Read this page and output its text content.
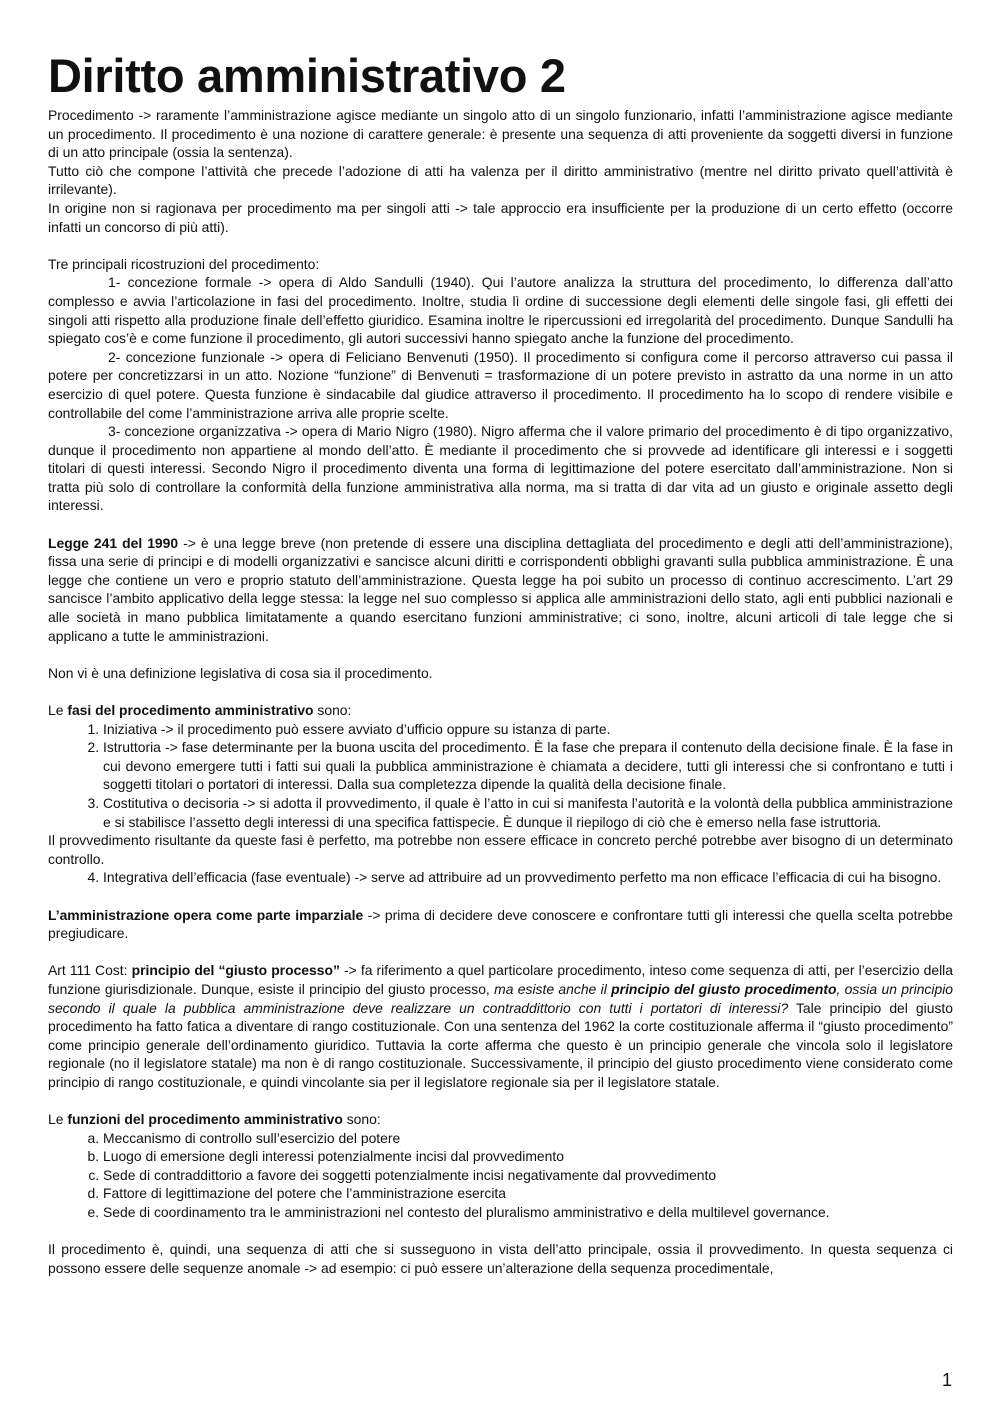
Diritto amministrativo 2

Procedimento -> raramente l’amministrazione agisce mediante un singolo atto di un singolo funzionario, infatti l’amministrazione agisce mediante un procedimento. Il procedimento è una nozione di carattere generale: è presente una sequenza di atti proveniente da soggetti diversi in funzione di un atto principale (ossia la sentenza).

Tutto ciò che compone l’attività che precede l’adozione di atti ha valenza per il diritto amministrativo (mentre nel diritto privato quell’attività è irrilevante).

In origine non si ragionava per procedimento ma per singoli atti -> tale approccio era insufficiente per la produzione di un certo effetto (occorre infatti un concorso di più atti).

Tre principali ricostruzioni del procedimento:

1- concezione formale -> opera di Aldo Sandulli (1940). Qui l’autore analizza la struttura del procedimento, lo differenza dall’atto complesso e avvia l’articolazione in fasi del procedimento. Inoltre, studia lì ordine di successione degli elementi delle singole fasi, gli effetti dei singoli atti rispetto alla produzione finale dell’effetto giuridico. Esamina inoltre le ripercussioni ed irregolarità del procedimento. Dunque Sandulli ha spiegato cos’è e come funzione il procedimento, gli autori successivi hanno spiegato anche la funzione del procedimento.

2- concezione funzionale -> opera di Feliciano Benvenuti (1950). Il procedimento si configura come il percorso attraverso cui passa il potere per concretizzarsi in un atto. Nozione “funzione” di Benvenuti = trasformazione di un potere previsto in astratto da una norme in un atto esercizio di quel potere. Questa funzione è sindacabile dal giudice attraverso il procedimento. Il procedimento ha lo scopo di rendere visibile e controllabile del come l’amministrazione arriva alle proprie scelte.

3- concezione organizzativa -> opera di Mario Nigro (1980). Nigro afferma che il valore primario del procedimento è di tipo organizzativo, dunque il procedimento non appartiene al mondo dell’atto. È mediante il procedimento che si provvede ad identificare gli interessi e i soggetti titolari di questi interessi. Secondo Nigro il procedimento diventa una forma di legittimazione del potere esercitato dall’amministrazione. Non si tratta più solo di controllare la conformità della funzione amministrativa alla norma, ma si tratta di dar vita ad un giusto e originale assetto degli interessi.

Legge 241 del 1990 -> è una legge breve (non pretende di essere una disciplina dettagliata del procedimento e degli atti dell’amministrazione), fissa una serie di principi e di modelli organizzativi e sancisce alcuni diritti e corrispondenti obblighi gravanti sulla pubblica amministrazione. È una legge che contiene un vero e proprio statuto dell’amministrazione. Questa legge ha poi subito un processo di continuo accrescimento. L’art 29 sancisce l’ambito applicativo della legge stessa: la legge nel suo complesso si applica alle amministrazioni dello stato, agli enti pubblici nazionali e alle società in mano pubblica limitatamente a quando esercitano funzioni amministrative; ci sono, inoltre, alcuni articoli di tale legge che si applicano a tutte le amministrazioni.

Non vi è una definizione legislativa di cosa sia il procedimento.

Le fasi del procedimento amministrativo sono:

1. Iniziativa -> il procedimento può essere avviato d’ufficio oppure su istanza di parte.
2. Istruttoria -> fase determinante per la buona uscita del procedimento. È la fase che prepara il contenuto della decisione finale. È la fase in cui devono emergere tutti i fatti sui quali la pubblica amministrazione è chiamata a decidere, tutti gli interessi che si confrontano e tutti i soggetti titolari o portatori di interessi. Dalla sua completezza dipende la qualità della decisione finale.
3. Costitutiva o decisoria -> si adotta il provvedimento, il quale è l’atto in cui si manifesta l’autorità e la volontà della pubblica amministrazione e si stabilisce l’assetto degli interessi di una specifica fattispecie. È dunque il riepilogo di ciò che è emerso nella fase istruttoria.

Il provvedimento risultante da queste fasi è perfetto, ma potrebbe non essere efficace in concreto perché potrebbe aver bisogno di un determinato controllo.

4. Integrativa dell’efficacia (fase eventuale) -> serve ad attribuire ad un provvedimento perfetto ma non efficace l’efficacia di cui ha bisogno.

L’amministrazione opera come parte imparziale -> prima di decidere deve conoscere e confrontare tutti gli interessi che quella scelta potrebbe pregiudicare.

Art 111 Cost: principio del “giusto processo” -> fa riferimento a quel particolare procedimento, inteso come sequenza di atti, per l’esercizio della funzione giurisdizionale. Dunque, esiste il principio del giusto processo, ma esiste anche il principio del giusto procedimento, ossia un principio secondo il quale la pubblica amministrazione deve realizzare un contraddittorio con tutti i portatori di interessi? Tale principio del giusto procedimento ha fatto fatica a diventare di rango costituzionale. Con una sentenza del 1962 la corte costituzionale afferma il “giusto procedimento” come principio generale dell’ordinamento giuridico. Tuttavia la corte afferma che questo è un principio generale che vincola solo il legislatore regionale (no il legislatore statale) ma non è di rango costituzionale. Successivamente, il principio del giusto procedimento viene considerato come principio di rango costituzionale, e quindi vincolante sia per il legislatore regionale sia per il legislatore statale.

Le funzioni del procedimento amministrativo sono:

a. Meccanismo di controllo sull’esercizio del potere
b. Luogo di emersione degli interessi potenzialmente incisi dal provvedimento
c. Sede di contraddittorio a favore dei soggetti potenzialmente incisi negativamente dal provvedimento
d. Fattore di legittimazione del potere che l’amministrazione esercita
e. Sede di coordinamento tra le amministrazioni nel contesto del pluralismo amministrativo e della multilevel governance.

Il procedimento è, quindi, una sequenza di atti che si susseguono in vista dell’atto principale, ossia il provvedimento. In questa sequenza ci possono essere delle sequenze anomale -> ad esempio: ci può essere un’alterazione della sequenza procedimentale,

1
